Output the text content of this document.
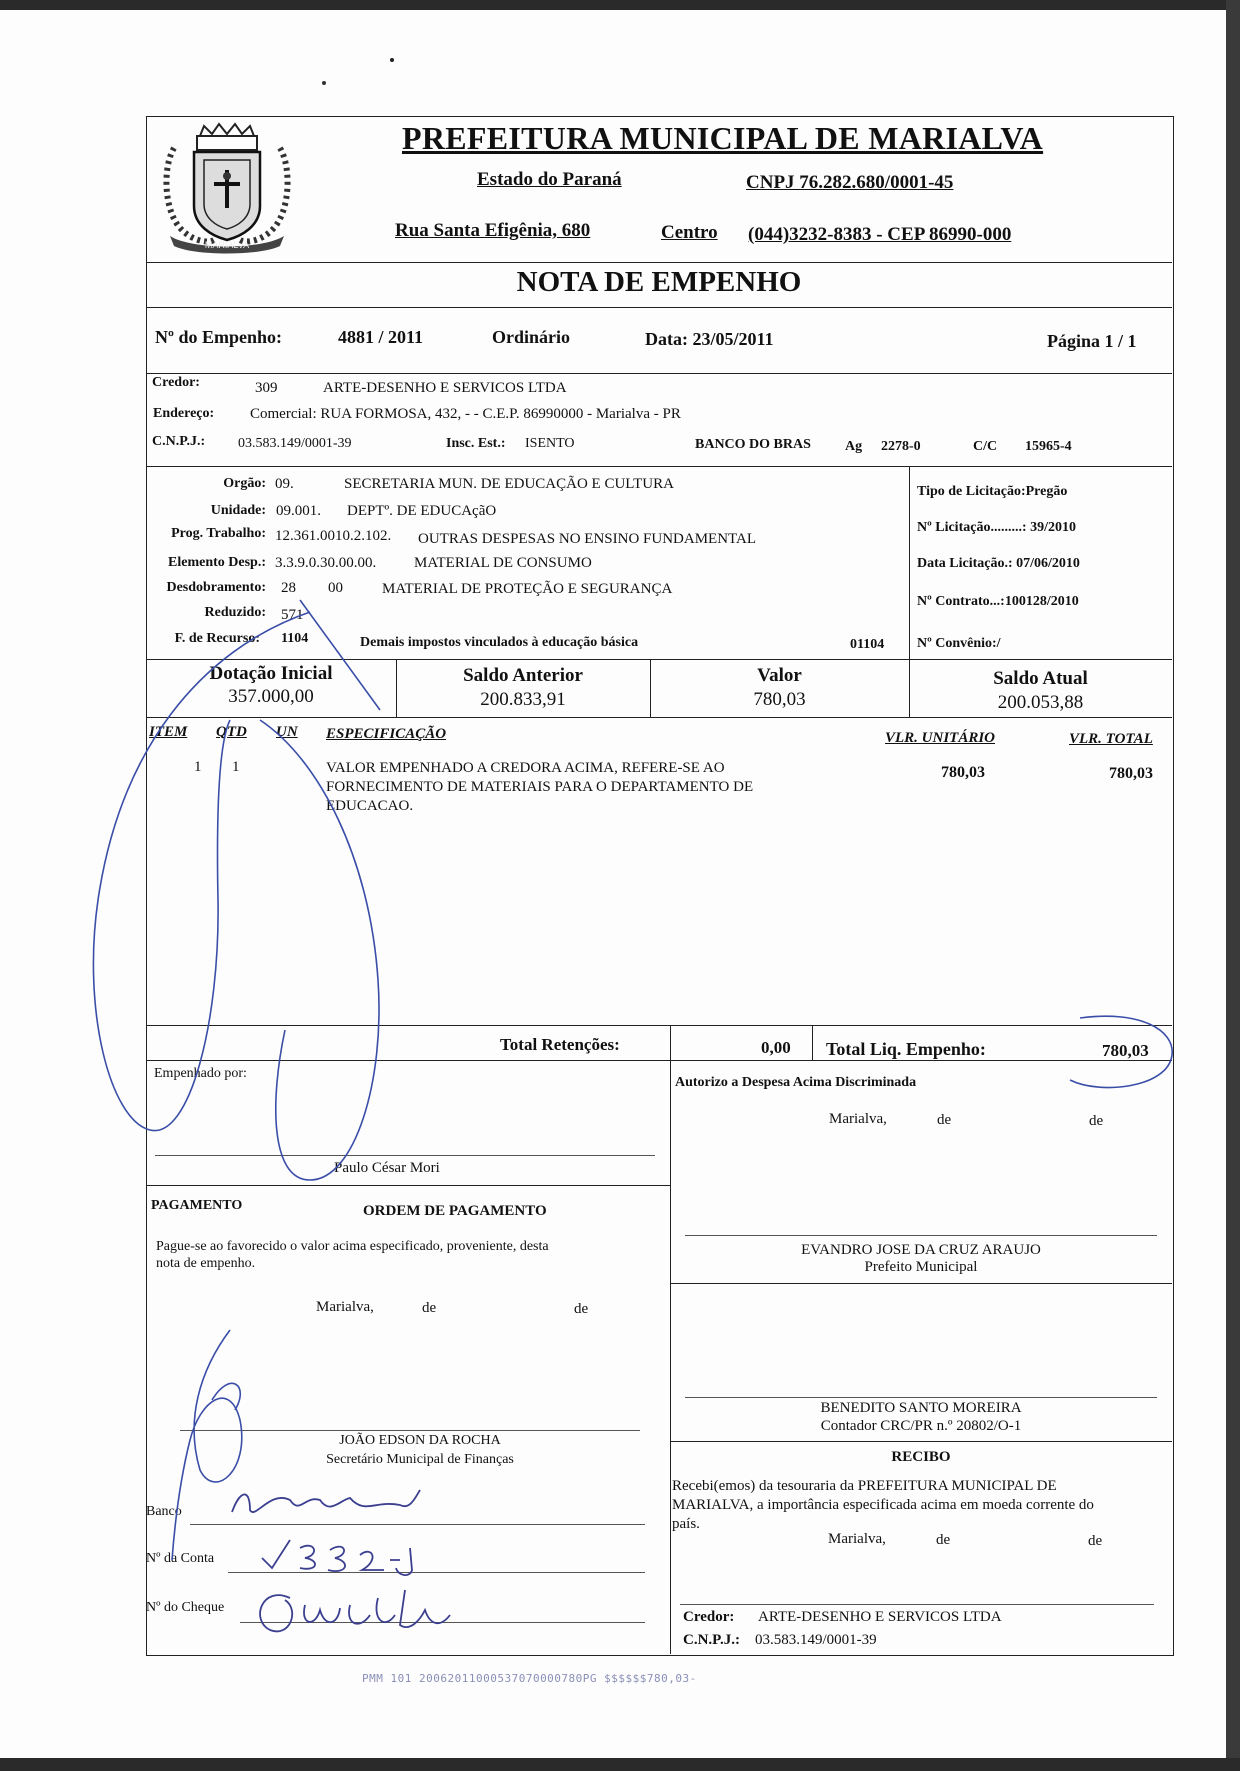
MARIALVA
PREFEITURA MUNICIPAL DE MARIALVA
Estado do Paraná	CNPJ 76.282.680/0001-45
Rua Santa Efigênia, 680	Centro (044)3232-8383 - CEP 86990-000
NOTA DE EMPENHO
Nº do Empenho:	4881 / 2011	Ordinário	Data: 23/05/2011	Página 1 / 1
Credor:	309	ARTE-DESENHO E SERVICOS LTDA
Endereço: Comercial: RUA FORMOSA, 432, - - C.E.P. 86990000 - Marialva - PR
C.N.P.J.: 03.583.149/0001-39	Insc. Est.: ISENTO	BANCO DO BRAS Ag 2278-0	C/C 15965-4
Orgão: 09.	SECRETARIA MUN. DE EDUCAÇÃO E CULTURA
Unidade: 09.001. DEPTº. DE EDUCAçãO
Prog. Trabalho: 12.361.0010.2.102. OUTRAS DESPESAS NO ENSINO FUNDAMENTAL
Elemento Desp.: 3.3.9.0.30.00.00.	MATERIAL DE CONSUMO
Desdobramento: 28 00	MATERIAL DE PROTEÇÃO E SEGURANÇA
Reduzido: 571
F. de Recurso: 1104	Demais impostos vinculados à educação básica	01104
Tipo de Licitação:Pregão
Nº Licitação.........: 39/2010
Data Licitação.: 07/06/2010
Nº Contrato...:100128/2010
Nº Convênio:/
Dotação Inicial
357.000,00
Saldo Anterior
200.833,91
Valor
780,03
Saldo Atual
200.053,88
ITEM QTD UN ESPECIFICAÇÃO	VLR. UNITÁRIO	VLR. TOTAL
1 1	VALOR EMPENHADO A CREDORA ACIMA, REFERE-SE AO
FORNECIMENTO DE MATERIAIS PARA O DEPARTAMENTO DE
EDUCACAO.
780,03	780,03
Total Retenções:	0,00 Total Liq. Empenho:	780,03
Empenhado por:
Paulo César Mori
Autorizo a Despesa Acima Discriminada
Marialva,	de	de
PAGAMENTO	ORDEM DE PAGAMENTO
Pague-se ao favorecido o valor acima especificado, proveniente, desta
nota de empenho.
Marialva,	de	de
JOÃO EDSON DA ROCHA
Secretário Municipal de Finanças
Banco
Nº da Conta
Nº do Cheque
EVANDRO JOSE DA CRUZ ARAUJO
Prefeito Municipal
BENEDITO SANTO MOREIRA
Contador CRC/PR n.º 20802/O-1
RECIBO
Recebi(emos) da tesouraria da PREFEITURA MUNICIPAL DE
MARIALVA, a importância especificada acima em moeda corrente do
país.
Marialva,	de	de
Credor: ARTE-DESENHO E SERVICOS LTDA
C.N.P.J.: 03.583.149/0001-39
PMM 101 20062011000537070000780PG $$$$$$780,03-
